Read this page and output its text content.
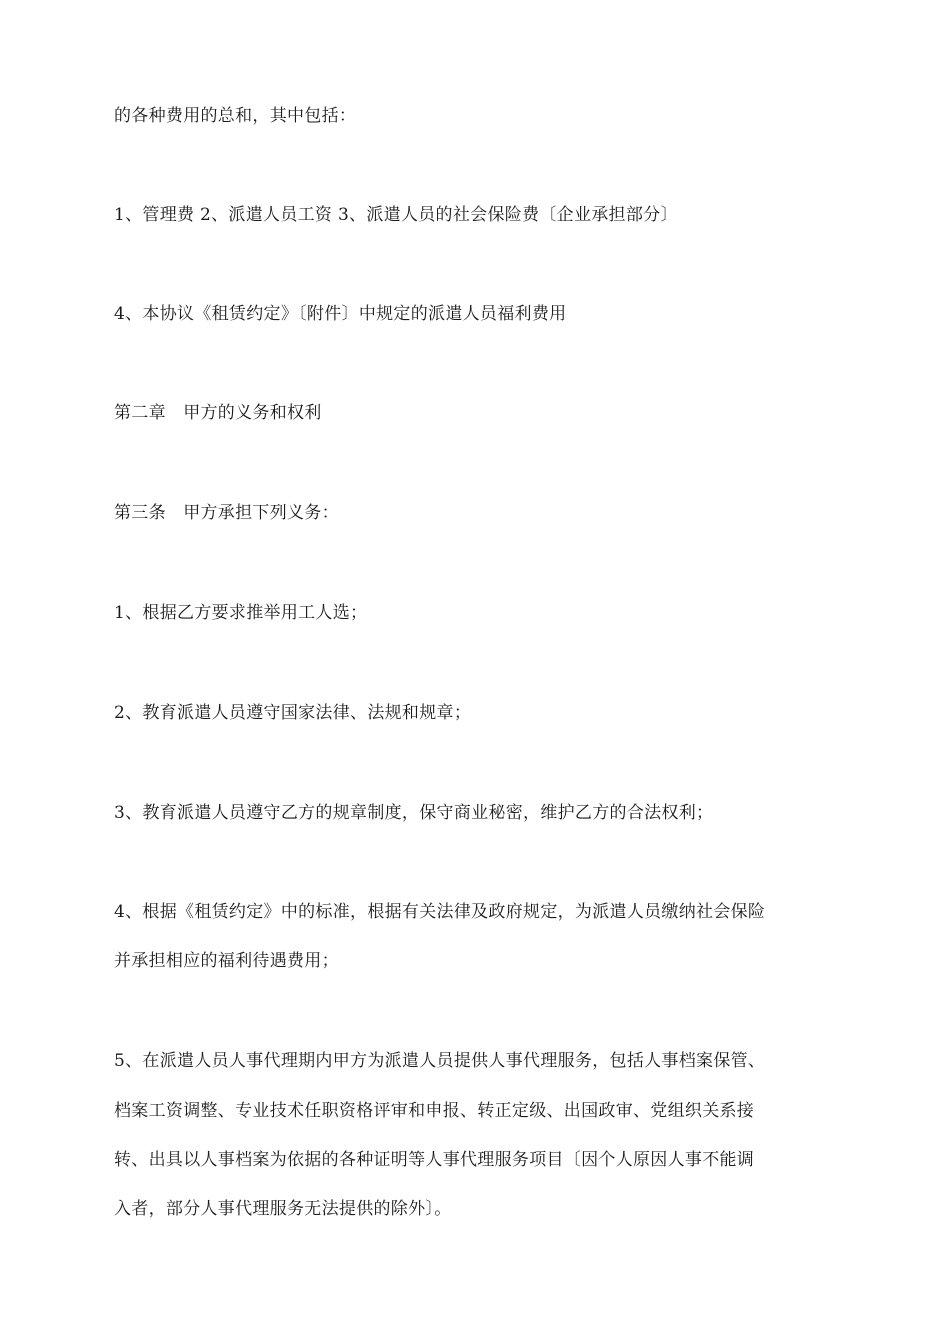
的各种费用的总和，其中包括：
1、管理费 2、派遣人员工资 3、派遣人员的社会保险费〔企业承担部分〕
4、本协议《租赁约定》〔附件〕中规定的派遣人员福利费用
第二章　甲方的义务和权利
第三条　甲方承担下列义务：
1、根据乙方要求推举用工人选；
2、教育派遣人员遵守国家法律、法规和规章；
3、教育派遣人员遵守乙方的规章制度，保守商业秘密，维护乙方的合法权利；
4、根据《租赁约定》中的标准，根据有关法律及政府规定，为派遣人员缴纳社会保险
并承担相应的福利待遇费用；
5、在派遣人员人事代理期内甲方为派遣人员提供人事代理服务，包括人事档案保管、
档案工资调整、专业技术任职资格评审和申报、转正定级、出国政审、党组织关系接
转、出具以人事档案为依据的各种证明等人事代理服务项目〔因个人原因人事不能调
入者，部分人事代理服务无法提供的除外〕。
